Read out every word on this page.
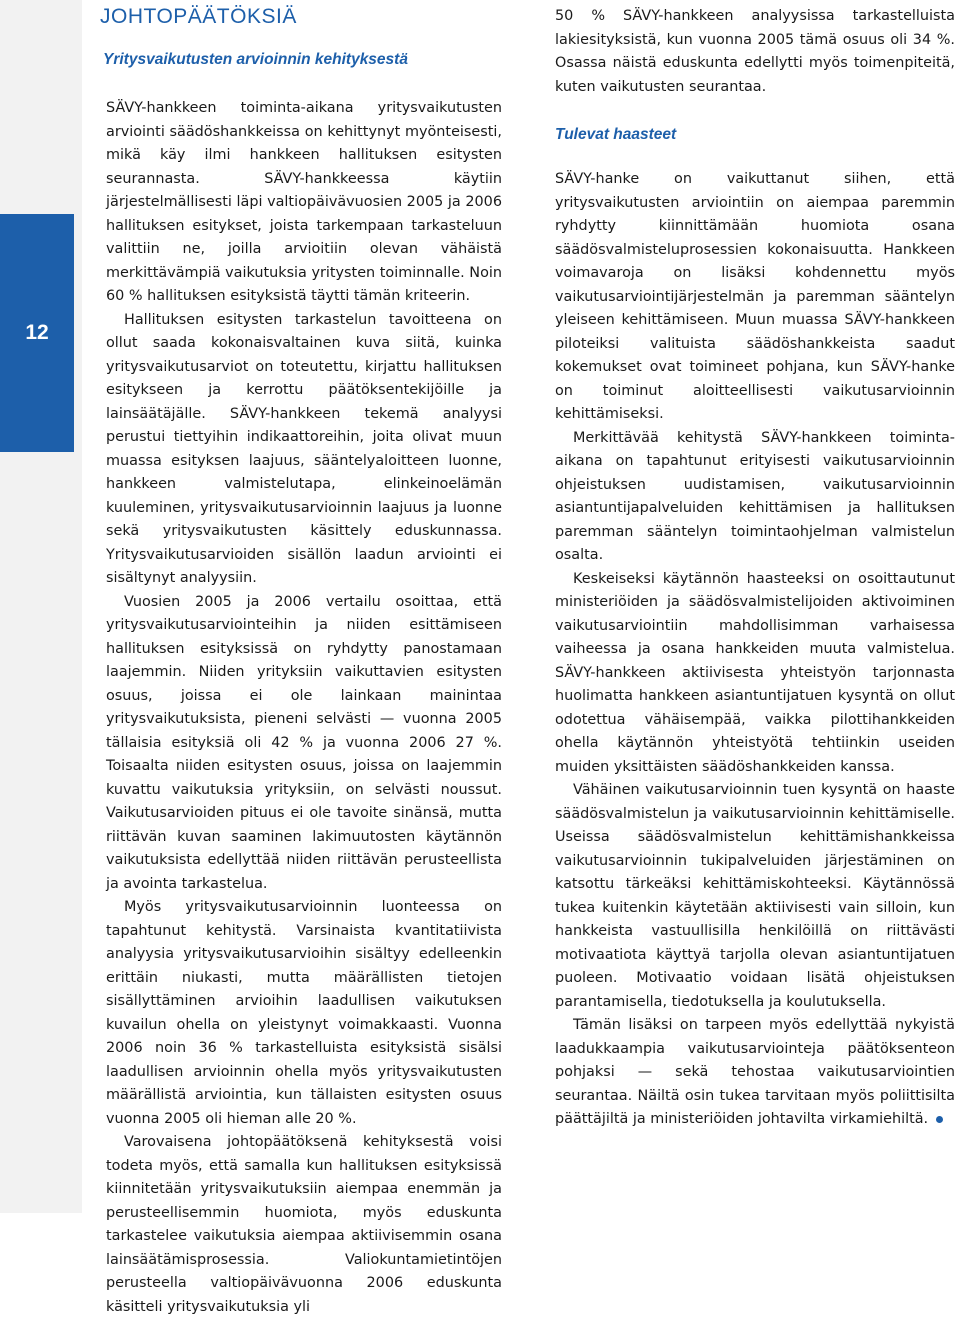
12
JOHTOPÄÄTÖKSIÄ
Yritysvaikutusten arvioinnin kehityksestä

SÄVY-hankkeen toiminta-aikana yritysvaikutusten arviointi säädöshankkeissa on kehittynyt myönteisesti, mikä käy ilmi hankkeen hallituksen esitysten seurannasta. SÄVY-hankkeessa käytiin järjestelmällisesti läpi valtiopäivävuosien 2005 ja 2006 hallituksen esitykset, joista tarkempaan tarkasteluun valittiin ne, joilla arvioitiin olevan vähäistä merkittävämpiä vaikutuksia yritysten toiminnalle. Noin 60 % hallituksen esityksistä täytti tämän kriteerin.

Hallituksen esitysten tarkastelun tavoitteena on ollut saada kokonaisvaltainen kuva siitä, kuinka yritysvaikutusarviot on toteutettu, kirjattu hallituksen esitykseen ja kerrottu päätöksentekijöille ja lainsäätäjälle. SÄVY-hankkeen tekemä analyysi perustui tiettyihin indikaattoreihin, joita olivat muun muassa esityksen laajuus, sääntelyaloitteen luonne, hankkeen valmistelutapa, elinkeinoelämän kuuleminen, yritysvaikutusarvioinnin laajuus ja luonne sekä yritysvaikutusten käsittely eduskunnassa. Yritysvaikutusarvioiden sisällön laadun arviointi ei sisältynyt analyysiin.

Vuosien 2005 ja 2006 vertailu osoittaa, että yritysvaikutusarviointeihin ja niiden esittämiseen hallituksen esityksissä on ryhdytty panostamaan laajemmin. Niiden yrityksiin vaikuttavien esitysten osuus, joissa ei ole lainkaan mainintaa yritysvaikutuksista, pieneni selvästi — vuonna 2005 tällaisia esityksiä oli 42 % ja vuonna 2006 27 %. Toisaalta niiden esitysten osuus, joissa on laajemmin kuvattu vaikutuksia yrityksiin, on selvästi noussut. Vaikutusarvioiden pituus ei ole tavoite sinänsä, mutta riittävän kuvan saaminen lakimuutosten käytännön vaikutuksista edellyttää niiden riittävän perusteellista ja avointa tarkastelua.

Myös yritysvaikutusarvioinnin luonteessa on tapahtunut kehitystä. Varsinaista kvantitatiivista analyysia yritysvaikutusarvioihin sisältyy edelleenkin erittäin niukasti, mutta määrällisten tietojen sisällyttäminen arvioihin laadullisen vaikutuksen kuvailun ohella on yleistynyt voimakkaasti. Vuonna 2006 noin 36 % tarkastelluista esityksistä sisälsi laadullisen arvioinnin ohella myös yritysvaikutusten määrällistä arviointia, kun tällaisten esitysten osuus vuonna 2005 oli hieman alle 20 %.

Varovaisena johtopäätöksenä kehityksestä voisi todeta myös, että samalla kun hallituksen esityksissä kiinnitetään yritysvaikutuksiin aiempaa enemmän ja perusteellisemmin huomiota, myös eduskunta tarkastelee vaikutuksia aiempaa aktiivisemmin osana lainsäätämisprosessia. Valiokuntamietintöjen perusteella valtiopäivävuonna 2006 eduskunta käsitteli yritysvaikutuksia yli

50 % SÄVY-hankkeen analyysissa tarkastelluista lakiesityksistä, kun vuonna 2005 tämä osuus oli 34 %. Osassa näistä eduskunta edellytti myös toimenpiteitä, kuten vaikutusten seurantaa.

Tulevat haasteet

SÄVY-hanke on vaikuttanut siihen, että yritysvaikutusten arviointiin on aiempaa paremmin ryhdytty kiinnittämään huomiota osana säädösvalmisteluprosessien kokonaisuutta. Hankkeen voimavaroja on lisäksi kohdennettu myös vaikutusarviointijärjestelmän ja paremman sääntelyn yleiseen kehittämiseen. Muun muassa SÄVY-hankkeen piloteiksi valituista säädöshankkeista saadut kokemukset ovat toimineet pohjana, kun SÄVY-hanke on toiminut aloitteellisesti vaikutusarvioinnin kehittämiseksi.

Merkittävää kehitystä SÄVY-hankkeen toiminta-aikana on tapahtunut erityisesti vaikutusarvioinnin ohjeistuksen uudistamisen, vaikutusarvioinnin asiantuntijapalveluiden kehittämisen ja hallituksen paremman sääntelyn toimintaohjelman valmistelun osalta.

Keskeiseksi käytännön haasteeksi on osoittautunut ministeriöiden ja säädösvalmistelijoiden aktivoiminen vaikutusarviointiin mahdollisimman varhaisessa vaiheessa ja osana hankkeiden muuta valmistelua. SÄVY-hankkeen aktiivisesta yhteistyön tarjonnasta huolimatta hankkeen asiantuntijatuen kysyntä on ollut odotettua vähäisempää, vaikka pilottihankkeiden ohella käytännön yhteistyötä tehtiinkin useiden muiden yksittäisten säädöshankkeiden kanssa.

Vähäinen vaikutusarvioinnin tuen kysyntä on haaste säädösvalmistelun ja vaikutusarvioinnin kehittämiselle. Useissa säädösvalmistelun kehittämishankkeissa vaikutusarvioinnin tukipalveluiden järjestäminen on katsottu tärkeäksi kehittämiskohteeksi. Käytännössä tukea kuitenkin käytetään aktiivisesti vain silloin, kun hankkeista vastuullisilla henkilöillä on riittävästi motivaatiota käyttyä tarjolla olevan asiantuntijatuen puoleen. Motivaatio voidaan lisätä ohjeistuksen parantamisella, tiedotuksella ja koulutuksella.

Tämän lisäksi on tarpeen myös edellyttää nykyistä laadukkaampia vaikutusarviointeja päätöksenteon pohjaksi — sekä tehostaa vaikutusarviointien seurantaa. Näiltä osin tukea tarvitaan myös poliittisilta päättäjiltä ja ministeriöiden johtavilta virkamiehiltä.
